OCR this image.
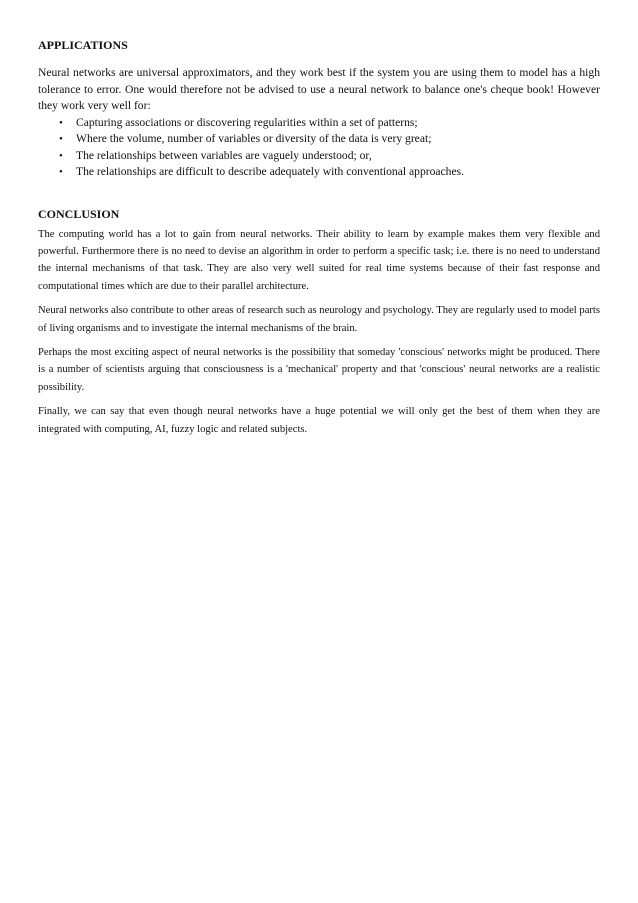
APPLICATIONS

Neural networks are universal approximators, and they work best if the system you are using them to model has a high tolerance to error. One would therefore not be advised to use a neural network to balance one's cheque book! However they work very well for:

• Capturing associations or discovering regularities within a set of patterns;
• Where the volume, number of variables or diversity of the data is very great;
• The relationships between variables are vaguely understood; or,
• The relationships are difficult to describe adequately with conventional approaches.
CONCLUSION

The computing world has a lot to gain from neural networks. Their ability to learn by example makes them very flexible and powerful. Furthermore there is no need to devise an algorithm in order to perform a specific task; i.e. there is no need to understand the internal mechanisms of that task. They are also very well suited for real time systems because of their fast response and computational times which are due to their parallel architecture.

Neural networks also contribute to other areas of research such as neurology and psychology. They are regularly used to model parts of living organisms and to investigate the internal mechanisms of the brain.

Perhaps the most exciting aspect of neural networks is the possibility that someday 'conscious' networks might be produced. There is a number of scientists arguing that consciousness is a 'mechanical' property and that 'conscious' neural networks are a realistic possibility.

Finally, we can say that even though neural networks have a huge potential we will only get the best of them when they are integrated with computing, AI, fuzzy logic and related subjects.
